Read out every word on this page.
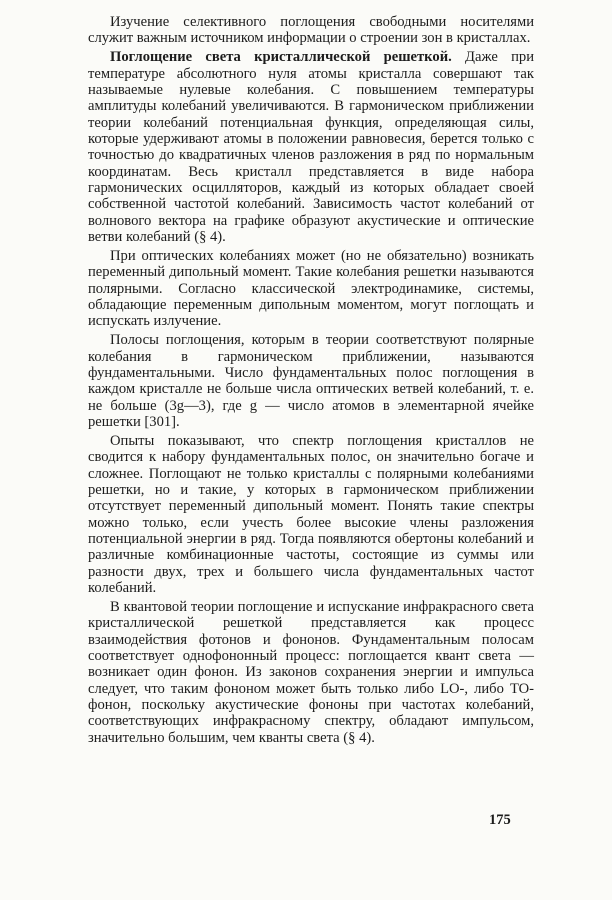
Изучение селективного поглощения свободными носителями служит важным источником информации о строении зон в кристаллах.

Поглощение света кристаллической решеткой. Даже при температуре абсолютного нуля атомы кристалла совершают так называемые нулевые колебания. С повышением температуры амплитуды колебаний увеличиваются. В гармоническом приближении теории колебаний потенциальная функция, определяющая силы, которые удерживают атомы в положении равновесия, берется только с точностью до квадратичных членов разложения в ряд по нормальным координатам. Весь кристалл представляется в виде набора гармонических осцилляторов, каждый из которых обладает своей собственной частотой колебаний. Зависимость частот колебаний от волнового вектора на графике образуют акустические и оптические ветви колебаний (§ 4).

При оптических колебаниях может (но не обязательно) возникать переменный дипольный момент. Такие колебания решетки называются полярными. Согласно классической электродинамике, системы, обладающие переменным дипольным моментом, могут поглощать и испускать излучение.

Полосы поглощения, которым в теории соответствуют полярные колебания в гармоническом приближении, называются фундаментальными. Число фундаментальных полос поглощения в каждом кристалле не больше числа оптических ветвей колебаний, т. е. не больше (3g—3), где g — число атомов в элементарной ячейке решетки [301].

Опыты показывают, что спектр поглощения кристаллов не сводится к набору фундаментальных полос, он значительно богаче и сложнее. Поглощают не только кристаллы с полярными колебаниями решетки, но и такие, у которых в гармоническом приближении отсутствует переменный дипольный момент. Понять такие спектры можно только, если учесть более высокие члены разложения потенциальной энергии в ряд. Тогда появляются обертоны колебаний и различные комбинационные частоты, состоящие из суммы или разности двух, трех и большего числа фундаментальных частот колебаний.

В квантовой теории поглощение и испускание инфракрасного света кристаллической решеткой представляется как процесс взаимодействия фотонов и фононов. Фундаментальным полосам соответствует однофононный процесс: поглощается квант света — возникает один фонон. Из законов сохранения энергии и импульса следует, что таким фононом может быть только либо LO-, либо TO-фонон, поскольку акустические фононы при частотах колебаний, соответствующих инфракрасному спектру, обладают импульсом, значительно большим, чем кванты света (§ 4).

175
